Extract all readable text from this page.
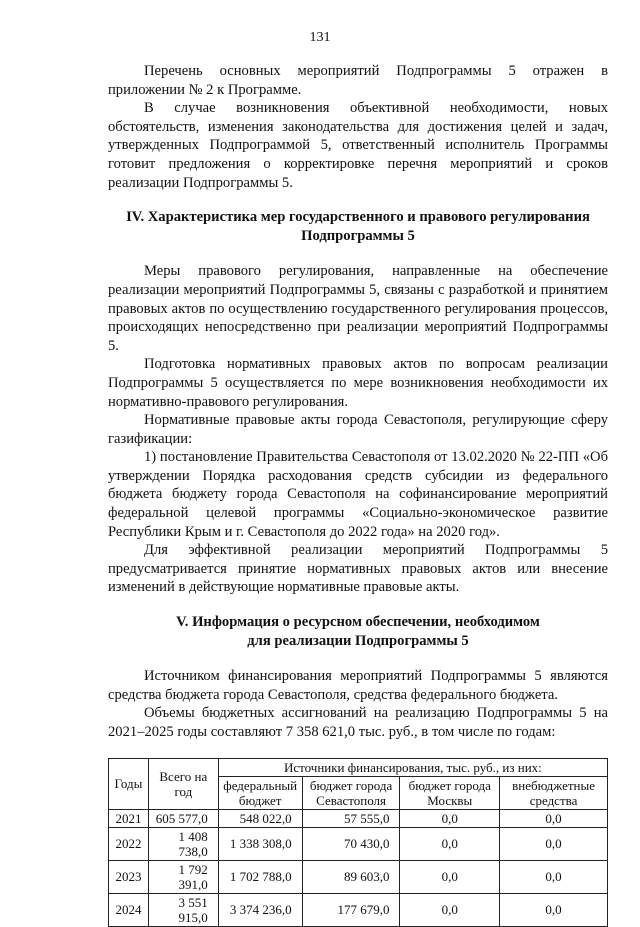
131

Перечень основных мероприятий Подпрограммы 5 отражен в приложении № 2 к Программе.

В случае возникновения объективной необходимости, новых обстоятельств, изменения законодательства для достижения целей и задач, утвержденных Подпрограммой 5, ответственный исполнитель Программы готовит предложения о корректировке перечня мероприятий и сроков реализации Подпрограммы 5.

IV. Характеристика мер государственного и правового регулирования
Подпрограммы 5

Меры правового регулирования, направленные на обеспечение реализации мероприятий Подпрограммы 5, связаны с разработкой и принятием правовых актов по осуществлению государственного регулирования процессов, происходящих непосредственно при реализации мероприятий Подпрограммы 5.

Подготовка нормативных правовых актов по вопросам реализации Подпрограммы 5 осуществляется по мере возникновения необходимости их нормативно-правового регулирования.

Нормативные правовые акты города Севастополя, регулирующие сферу газификации:

1) постановление Правительства Севастополя от 13.02.2020 № 22-ПП «Об утверждении Порядка расходования средств субсидии из федерального бюджета бюджету города Севастополя на софинансирование мероприятий федеральной целевой программы «Социально-экономическое развитие Республики Крым и г. Севастополя до 2022 года» на 2020 год».

Для эффективной реализации мероприятий Подпрограммы 5 предусматривается принятие нормативных правовых актов или внесение изменений в действующие нормативные правовые акты.

V. Информация о ресурсном обеспечении, необходимом
для реализации Подпрограммы 5

Источником финансирования мероприятий Подпрограммы 5 являются средства бюджета города Севастополя, средства федерального бюджета.

Объемы бюджетных ассигнований на реализацию Подпрограммы 5 на 2021–2025 годы составляют 7 358 621,0 тыс. руб., в том числе по годам:

Годы	Всего на год	Источники финансирования, тыс. руб., из них:			
		федеральный бюджет	бюджет города Севастополя	бюджет города Москвы	внебюджетные средства
2021	605 577,0	548 022,0	57 555,0	0,0	0,0
2022	1 408 738,0	1 338 308,0	70 430,0	0,0	0,0
2023	1 792 391,0	1 702 788,0	89 603,0	0,0	0,0
2024	3 551 915,0	3 374 236,0	177 679,0	0,0	0,0
